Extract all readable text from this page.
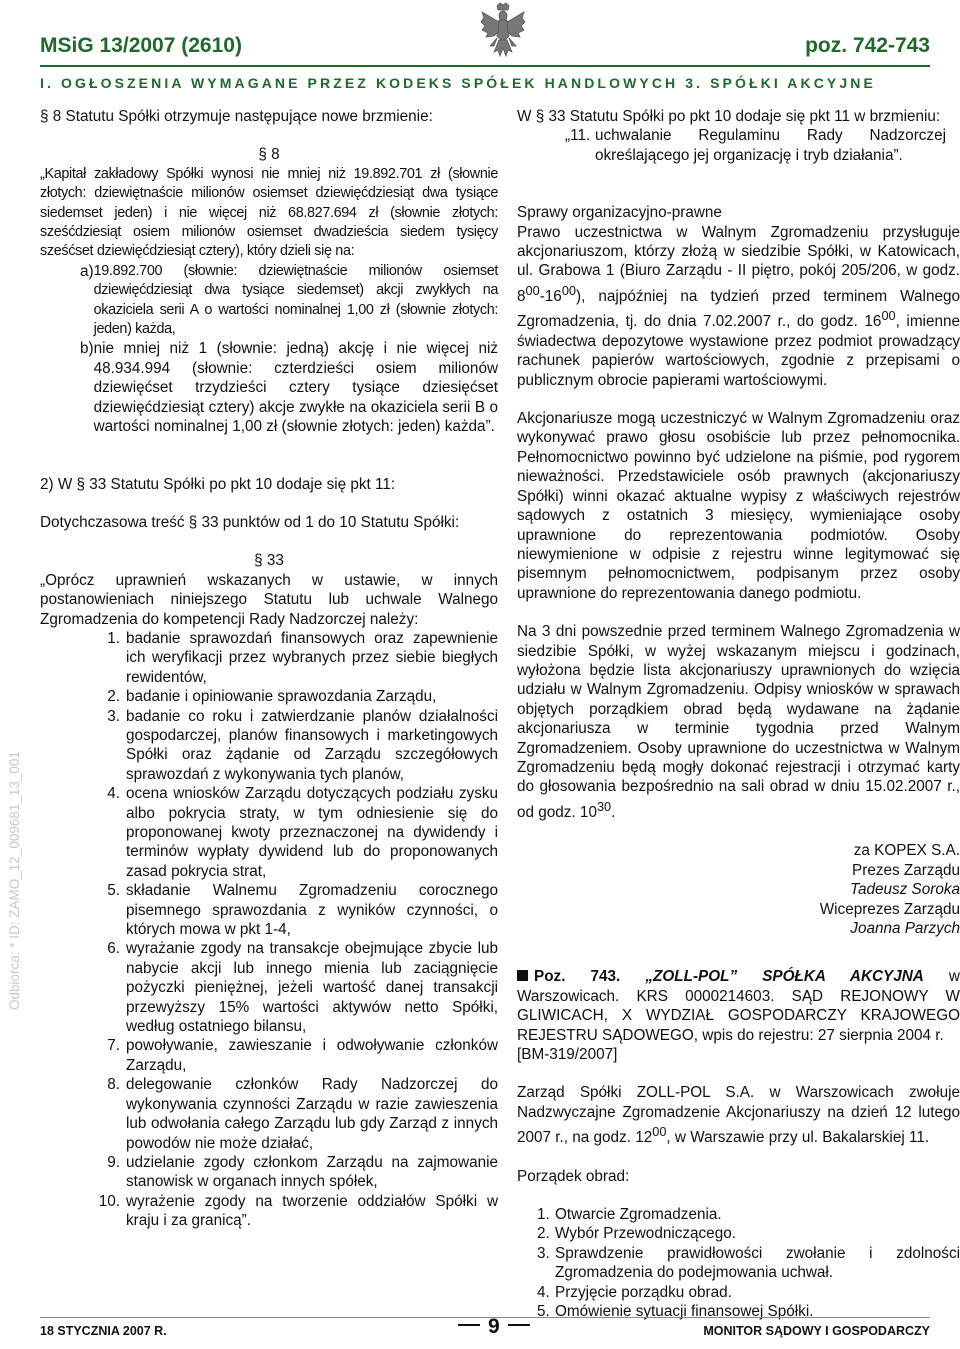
MSiG 13/2007 (2610)	poz. 742-743
I. OGŁOSZENIA WYMAGANE PRZEZ KODEKS SPÓŁEK HANDLOWYCH 3. SPÓŁKI AKCYJNE
Odbiorca: * ID: ZAMO_12_009681_13_001

§ 8 Statutu Spółki otrzymuje następujące nowe brzmienie:

§ 8

„Kapitał zakładowy Spółki wynosi nie mniej niż 19.892.701 zł (słownie złotych: dziewiętnaście milionów osiemset dziewięćdziesiąt dwa tysiące siedemset jeden) i nie więcej niż 68.827.694 zł (słownie złotych: sześćdziesiąt osiem milionów osiemset dwadzieścia siedem tysięcy sześćset dziewięćdziesiąt cztery), który dzieli się na:

a) 19.892.700 (słownie: dziewiętnaście milionów osiemset dziewięćdziesiąt dwa tysiące siedemset) akcji zwykłych na okaziciela serii A o wartości nominalnej 1,00 zł (słownie złotych: jeden) każda,
b) nie mniej niż 1 (słownie: jedną) akcję i nie więcej niż 48.934.994 (słownie: czterdzieści osiem milionów dziewięćset trzydzieści cztery tysiące dziesięćset dziewięćdziesiąt cztery) akcje zwykłe na okaziciela serii B o wartości nominalnej 1,00 zł (słownie złotych: jeden) każda”.

2) W § 33 Statutu Spółki po pkt 10 dodaje się pkt 11:

Dotychczasowa treść § 33 punktów od 1 do 10 Statutu Spółki:

§ 33

„Oprócz uprawnień wskazanych w ustawie, w innych postanowieniach niniejszego Statutu lub uchwale Walnego Zgromadzenia do kompetencji Rady Nadzorczej należy:

1. badanie sprawozdań finansowych oraz zapewnienie ich weryfikacji przez wybranych przez siebie biegłych rewidentów,
2. badanie i opiniowanie sprawozdania Zarządu,
3. badanie co roku i zatwierdzanie planów działalności gospodarczej, planów finansowych i marketingowych Spółki oraz żądanie od Zarządu szczegółowych sprawozdań z wykonywania tych planów,
4. ocena wniosków Zarządu dotyczących podziału zysku albo pokrycia straty, w tym odniesienie się do proponowanej kwoty przeznaczonej na dywidendy i terminów wypłaty dywidend lub do proponowanych zasad pokrycia strat,
5. składanie Walnemu Zgromadzeniu corocznego pisemnego sprawozdania z wyników czynności, o których mowa w pkt 1-4,
6. wyrażanie zgody na transakcje obejmujące zbycie lub nabycie akcji lub innego mienia lub zaciągnięcie pożyczki pieniężnej, jeżeli wartość danej transakcji przewyższy 15% wartości aktywów netto Spółki, według ostatniego bilansu,
7. powoływanie, zawieszanie i odwoływanie członków Zarządu,
8. delegowanie członków Rady Nadzorczej do wykonywania czynności Zarządu w razie zawieszenia lub odwołania całego Zarządu lub gdy Zarząd z innych powodów nie może działać,
9. udzielanie zgody członkom Zarządu na zajmowanie stanowisk w organach innych spółek,
10. wyrażenie zgody na tworzenie oddziałów Spółki w kraju i za granicą”.

W § 33 Statutu Spółki po pkt 10 dodaje się pkt 11 w brzmieniu:

„11. uchwalanie Regulaminu Rady Nadzorczej określającego jej organizację i tryb działania”.

Sprawy organizacyjno-prawne

Prawo uczestnictwa w Walnym Zgromadzeniu przysługuje akcjonariuszom, którzy złożą w siedzibie Spółki, w Katowicach, ul. Grabowa 1 (Biuro Zarządu - II piętro, pokój 205/206, w godz. $8^{00}-16^{00}$), najpóźniej na tydzień przed terminem Walnego Zgromadzenia, tj. do dnia 7.02.2007 r., do godz. $16^{00}$, imienne świadectwa depozytowe wystawione przez podmiot prowadzący rachunek papierów wartościowych, zgodnie z przepisami o publicznym obrocie papierami wartościowymi.

Akcjonariusze mogą uczestniczyć w Walnym Zgromadzeniu oraz wykonywać prawo głosu osobiście lub przez pełnomocnika. Pełnomocnictwo powinno być udzielone na piśmie, pod rygorem nieważności. Przedstawiciele osób prawnych (akcjonariuszy Spółki) winni okazać aktualne wypisy z właściwych rejestrów sądowych z ostatnich 3 miesięcy, wymieniające osoby uprawnione do reprezentowania podmiotów. Osoby niewymienione w odpisie z rejestru winne legitymować się pisemnym pełnomocnictwem, podpisanym przez osoby uprawnione do reprezentowania danego podmiotu.

Na 3 dni powszednie przed terminem Walnego Zgromadzenia w siedzibie Spółki, w wyżej wskazanym miejscu i godzinach, wyłożona będzie lista akcjonariuszy uprawnionych do wzięcia udziału w Walnym Zgromadzeniu. Odpisy wniosków w sprawach objętych porządkiem obrad będą wydawane na żądanie akcjonariusza w terminie tygodnia przed Walnym Zgromadzeniem. Osoby uprawnione do uczestnictwa w Walnym Zgromadzeniu będą mogły dokonać rejestracji i otrzymać karty do głosowania bezpośrednio na sali obrad w dniu 15.02.2007 r., od godz. $10^{30}$.

za KOPEX S.A.

Prezes Zarządu

Tadeusz Soroka

Wiceprezes Zarządu

Joanna Parzych

Poz. 743. „ZOLL-POL” SPÓŁKA AKCYJNA w Warszowicach. KRS 0000214603. SĄD REJONOWY W GLIWICACH, X WYDZIAŁ GOSPODARCZY KRAJOWEGO REJESTRU SĄDOWEGO, wpis do rejestru: 27 sierpnia 2004 r.

[BM-319/2007]

Zarząd Spółki ZOLL-POL S.A. w Warszowicach zwołuje Nadzwyczajne Zgromadzenie Akcjonariuszy na dzień 12 lutego 2007 r., na godz. $12^{00}$, w Warszawie przy ul. Bakalarskiej 11.

Porządek obrad:

1. Otwarcie Zgromadzenia.
2. Wybór Przewodniczącego.
3. Sprawdzenie prawidłowości zwołanie i zdolności Zgromadzenia do podejmowania uchwał.
4. Przyjęcie porządku obrad.
5. Omówienie sytuacji finansowej Spółki.
18 STYCZNIA 2007 R.	9	MONITOR SĄDOWY I GOSPODARCZY
